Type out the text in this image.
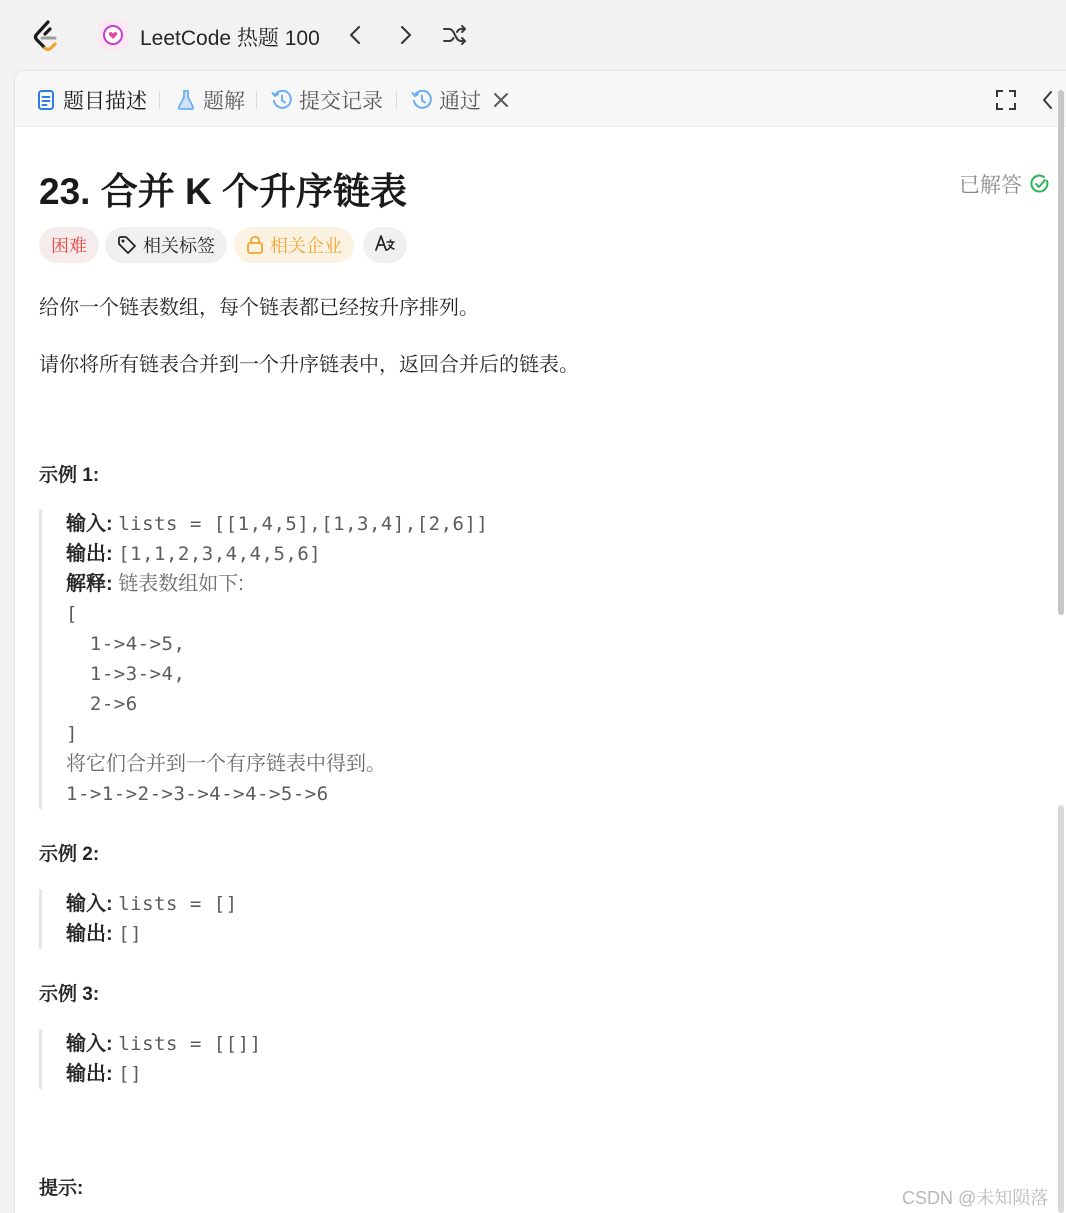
LeetCode 热题 100
题目描述	题解	提交记录	通过
23. 合并 K 个升序链表	已解答
困难	相关标签	相关企业
给你一个链表数组，每个链表都已经按升序排列。
请你将所有链表合并到一个升序链表中，返回合并后的链表。
示例 1:
输入: lists = [[1,4,5],[1,3,4],[2,6]]
输出: [1,1,2,3,4,4,5,6]
解释: 链表数组如下:
[
1->4->5,
1->3->4,
2->6
]
将它们合并到一个有序链表中得到。
1->1->2->3->4->4->5->6
示例 2:
输入: lists = []
输出: []
示例 3:
输入: lists = [[]]
输出: []
提示:	CSDN @未知陨落
